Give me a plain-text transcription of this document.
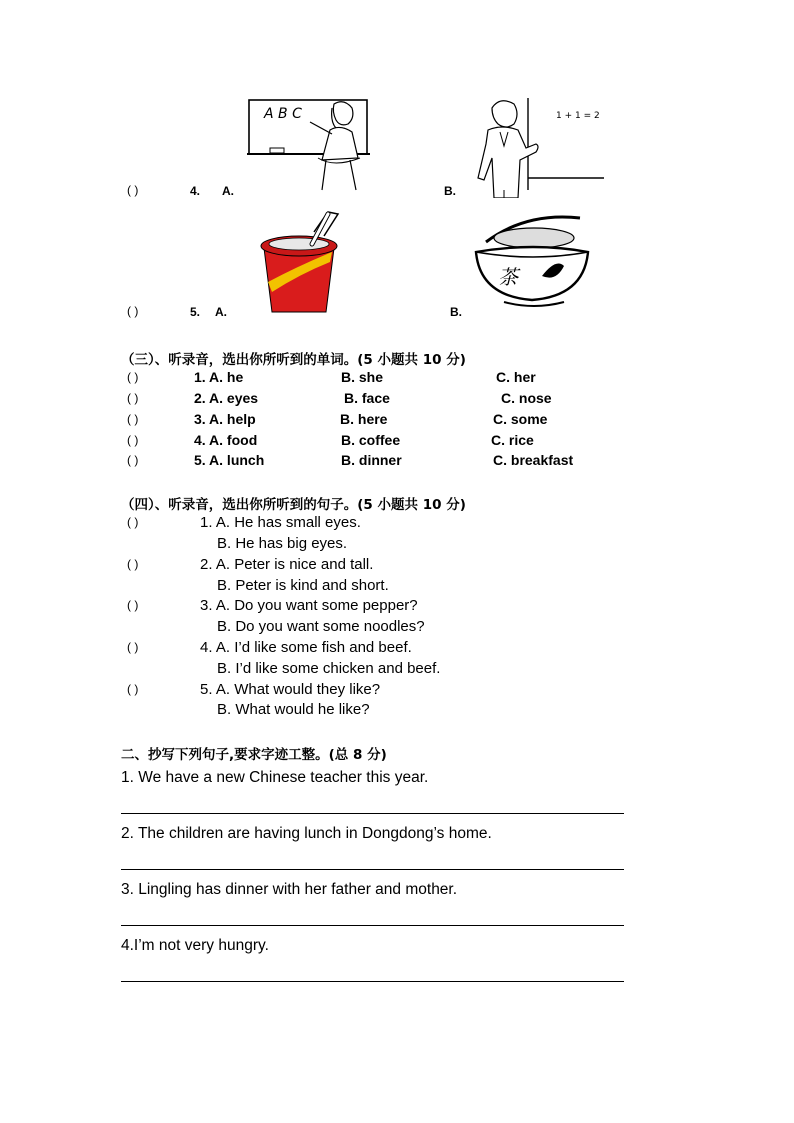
( )	4. A.	B.
A B C	1 + 1 = 2
( )	5. A.	B.
茶
（三）、听录音，选出你所听到的单词。(5 小题共 10 分)
( )	1. A. he	B. she	C. her
( )	2. A. eyes	B. face	C. nose
( )	3. A. help	B. here	C. some
( )	4. A. food	B. coffee	C. rice
( )	5. A. lunch	B. dinner	C. breakfast
（四）、听录音，选出你所听到的句子。(5 小题共 10 分)
( )	1. A. He has small eyes.
B. He has big eyes.
( )	2. A. Peter is nice and tall.
B. Peter is kind and short.
( )	3. A. Do you want some pepper?
B. Do you want some noodles?
( )	4. A. I’d like some fish and beef.
B. I’d like some chicken and beef.
( )	5. A. What would they like?
B. What would he like?
二、抄写下列句子,要求字迹工整。(总 8 分)
1. We have a new Chinese teacher this year.
2. The children are having lunch in Dongdong’s home.
3. Lingling has dinner with her father and mother.
4.I’m not very hungry.
